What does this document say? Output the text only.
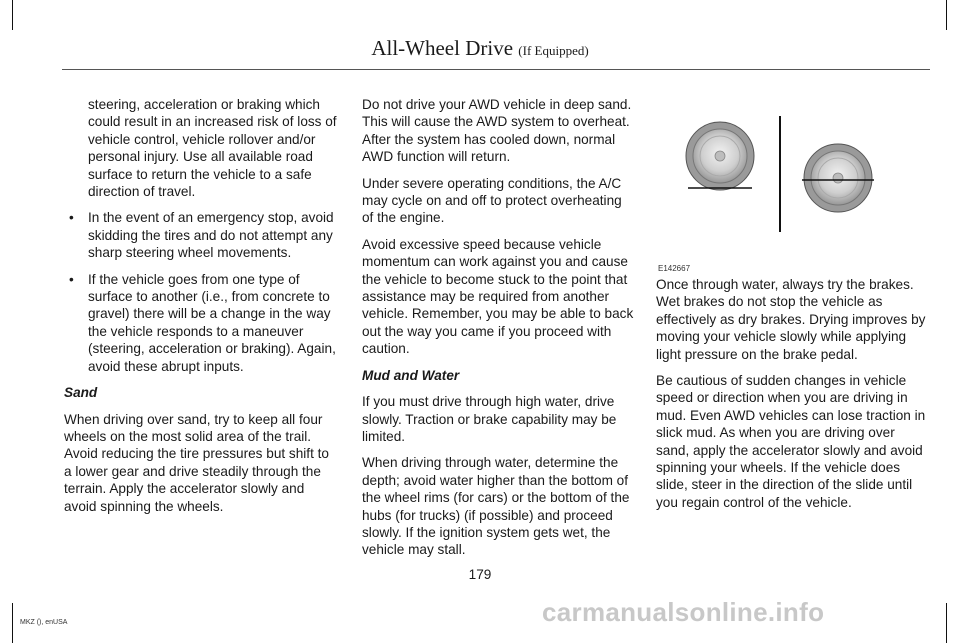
All-Wheel Drive (If Equipped)

steering, acceleration or braking which could result in an increased risk of loss of vehicle control, vehicle rollover and/or personal injury. Use all available road surface to return the vehicle to a safe direction of travel.

• In the event of an emergency stop, avoid skidding the tires and do not attempt any sharp steering wheel movements.
• If the vehicle goes from one type of surface to another (i.e., from concrete to gravel) there will be a change in the way the vehicle responds to a maneuver (steering, acceleration or braking). Again, avoid these abrupt inputs.

Sand

When driving over sand, try to keep all four wheels on the most solid area of the trail. Avoid reducing the tire pressures but shift to a lower gear and drive steadily through the terrain. Apply the accelerator slowly and avoid spinning the wheels.

Do not drive your AWD vehicle in deep sand. This will cause the AWD system to overheat. After the system has cooled down, normal AWD function will return.

Under severe operating conditions, the A/C may cycle on and off to protect overheating of the engine.

Avoid excessive speed because vehicle momentum can work against you and cause the vehicle to become stuck to the point that assistance may be required from another vehicle. Remember, you may be able to back out the way you came if you proceed with caution.

Mud and Water

If you must drive through high water, drive slowly. Traction or brake capability may be limited.

When driving through water, determine the depth; avoid water higher than the bottom of the wheel rims (for cars) or the bottom of the hubs (for trucks) (if possible) and proceed slowly. If the ignition system gets wet, the vehicle may stall.

E142667

Once through water, always try the brakes. Wet brakes do not stop the vehicle as effectively as dry brakes. Drying improves by moving your vehicle slowly while applying light pressure on the brake pedal.

Be cautious of sudden changes in vehicle speed or direction when you are driving in mud. Even AWD vehicles can lose traction in slick mud. As when you are driving over sand, apply the accelerator slowly and avoid spinning your wheels. If the vehicle does slide, steer in the direction of the slide until you regain control of the vehicle.

179
MKZ (), enUSA	carmanualsonline.info
